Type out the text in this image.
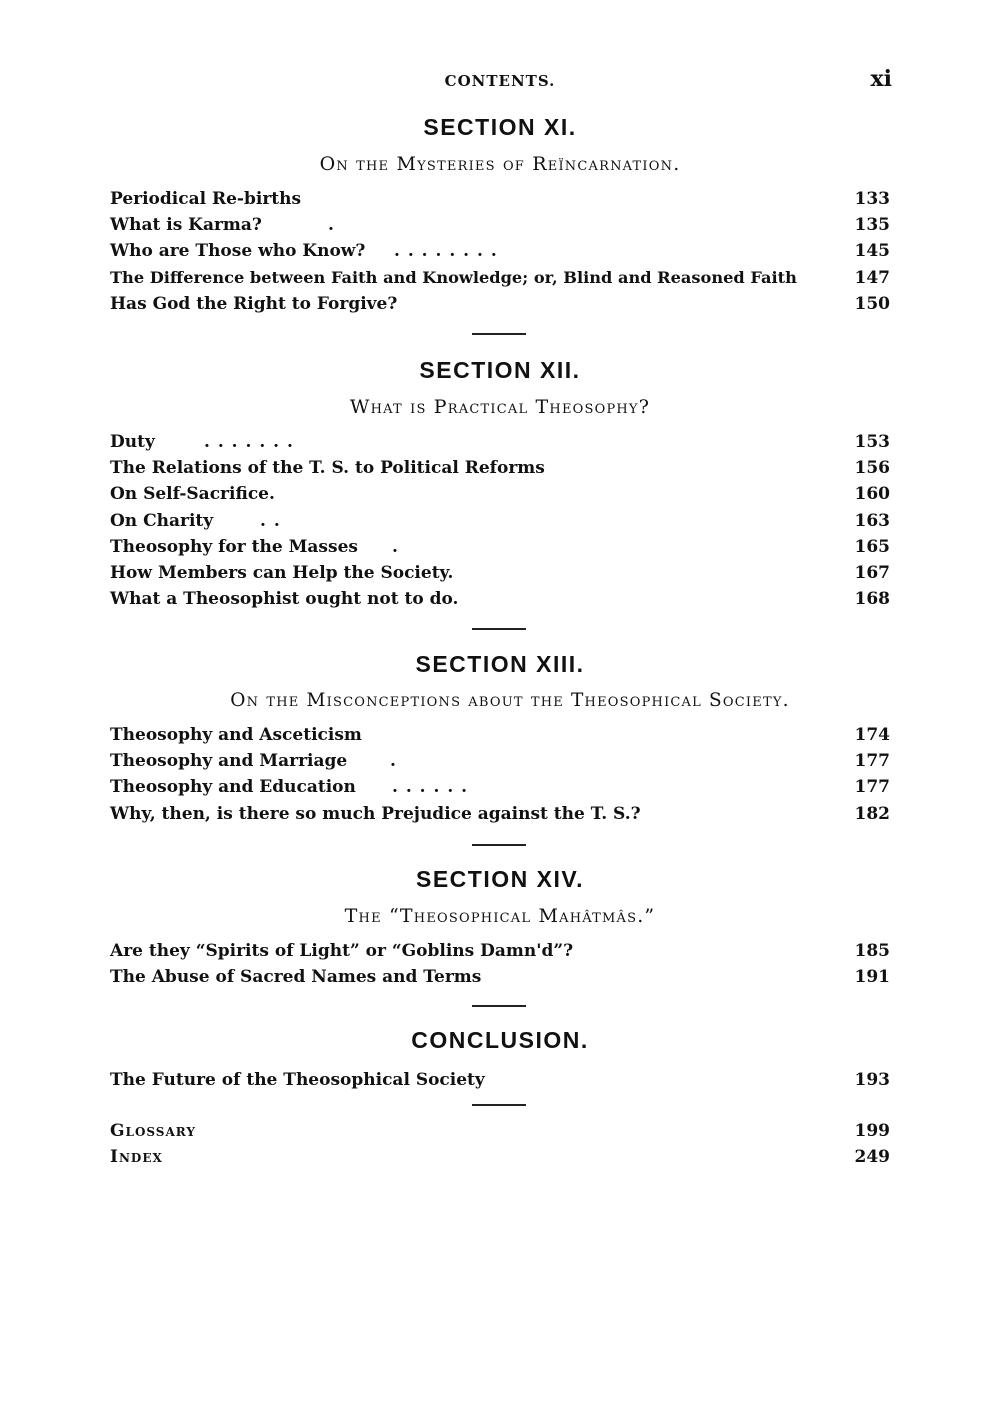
CONTENTS.	xi
SECTION XI.
On the Mysteries of Reïncarnation.
Periodical Re-births	133
What is Karma?	.	135
Who are Those who Know? . . . . . . . .	145
The Difference between Faith and Knowledge; or, Blind and Reasoned Faith	147
Has God the Right to Forgive?	150
SECTION XII.
What is Practical Theosophy?
Duty	. . . . . . .	153
The Relations of the T. S. to Political Reforms	156
On Self-Sacrifice.	160
On Charity	. .	163
Theosophy for the Masses .	165
How Members can Help the Society.	167
What a Theosophist ought not to do.	168
SECTION XIII.
On the Misconceptions about the Theosophical Society.
Theosophy and Asceticism	174
Theosophy and Marriage	.	177
Theosophy and Education . . . . . .	177
Why, then, is there so much Prejudice against the T. S.?	182
SECTION XIV.
The “Theosophical Mahâtmâs.”
Are they “Spirits of Light” or “Goblins Damn'd”?	185
The Abuse of Sacred Names and Terms	191
CONCLUSION.
The Future of the Theosophical Society	193
Glossary	199
Index	249
